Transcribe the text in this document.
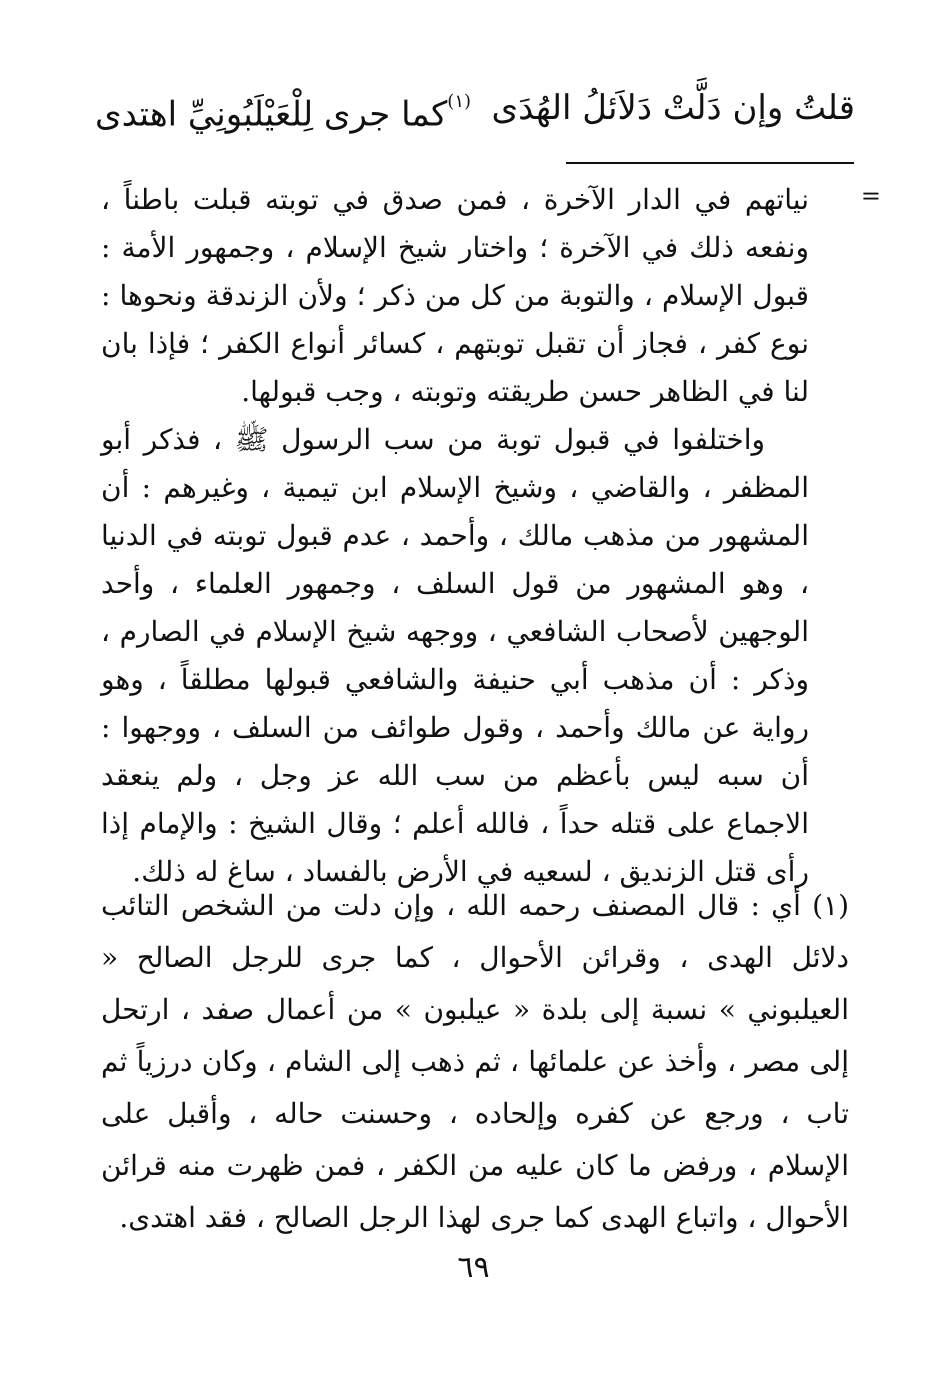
قلتُ وإن دَلَّتْ دَلاَئلُ الهُدَى
$^{(١)}$كما جرى لِلْعَيْلَبُونِيِّ اهتدى
=

نياتهم في الدار الآخرة ، فمن صدق في توبته قبلت باطناً ، ونفعه ذلك في الآخرة ؛ واختار شيخ الإسلام ، وجمهور الأمة : قبول الإسلام ، والتوبة من كل من ذكر ؛ ولأن الزندقة ونحوها : نوع كفر ، فجاز أن تقبل توبتهم ، كسائر أنواع الكفر ؛ فإذا بان لنا في الظاهر حسن طريقته وتوبته ، وجب قبولها.

واختلفوا في قبول توبة من سب الرسول ﷺ ، فذكر أبو المظفر ، والقاضي ، وشيخ الإسلام ابن تيمية ، وغيرهم : أن المشهور من مذهب مالك ، وأحمد ، عدم قبول توبته في الدنيا ، وهو المشهور من قول السلف ، وجمهور العلماء ، وأحد الوجهين لأصحاب الشافعي ، ووجهه شيخ الإسلام في الصارم ، وذكر : أن مذهب أبي حنيفة والشافعي قبولها مطلقاً ، وهو رواية عن مالك وأحمد ، وقول طوائف من السلف ، ووجهوا : أن سبه ليس بأعظم من سب الله عز وجل ، ولم ينعقد الاجماع على قتله حداً ، فالله أعلم ؛ وقال الشيخ : والإمام إذا رأى قتل الزنديق ، لسعيه في الأرض بالفساد ، ساغ له ذلك.

(١) أي : قال المصنف رحمه الله ، وإن دلت من الشخص التائب دلائل الهدى ، وقرائن الأحوال ، كما جرى للرجل الصالح « العيلبوني » نسبة إلى بلدة « عيلبون » من أعمال صفد ، ارتحل إلى مصر ، وأخذ عن علمائها ، ثم ذهب إلى الشام ، وكان درزياً ثم تاب ، ورجع عن كفره وإلحاده ، وحسنت حاله ، وأقبل على الإسلام ، ورفض ما كان عليه من الكفر ، فمن ظهرت منه قرائن الأحوال ، واتباع الهدى كما جرى لهذا الرجل الصالح ، فقد اهتدى.

٦٩
